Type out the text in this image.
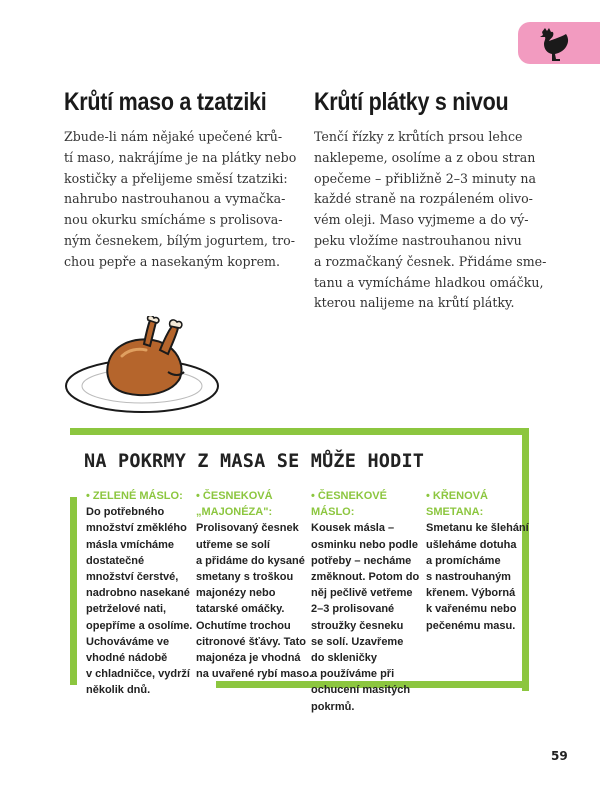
Krůtí maso a tzatziki

Zbude-li nám nějaké upečené krů-
tí maso, nakrájíme je na plátky nebo
kostičky a přelijeme směsí tzatziki:
nahrubo nastrouhanou a vymačka-
nou okurku smícháme s prolisova-
ným česnekem, bílým jogurtem, tro-
chou pepře a nasekaným koprem.

Krůtí plátky s nivou

Tenčí řízky z krůtích prsou lehce
naklepeme, osolíme a z obou stran
opečeme – přibližně 2–3 minuty na
každé straně na rozpáleném olivo-
vém oleji. Maso vyjmeme a do vý-
peku vložíme nastrouhanou nivu
a rozmačkaný česnek. Přidáme sme-
tanu a vymícháme hladkou omáčku,
kterou nalijeme na krůtí plátky.

NA POKRMY Z MASA SE MŮŽE HODIT
• ZELENÉ MÁSLO:
Do potřebného
množství změklého
másla vmícháme
dostatečné
množství čerstvé,
nadrobno nasekané
petrželové nati,
opepříme a osolíme.
Uchováváme ve
vhodné nádobě
v chladničce, vydrží
několik dnů.
• ČESNEKOVÁ
„MAJONÉZA":
Prolisovaný česnek
utřeme se solí
a přidáme do kysané
smetany s troškou
majonézy nebo
tatarské omáčky.
Ochutíme trochou
citronové šťávy. Tato
majonéza je vhodná
na uvařené rybí maso.
• ČESNEKOVÉ MÁSLO:
Kousek másla –
osminku nebo podle
potřeby – necháme
změknout. Potom do
něj pečlivě vetřeme
2–3 prolisované
stroužky česneku
se solí. Uzavřeme
do skleničky
a používáme při
ochucení masitých
pokrmů.
• KŘENOVÁ
SMETANA:
Smetanu ke šlehání
ušleháme dotuha
a promícháme
s nastrouhaným
křenem. Výborná
k vařenému nebo
pečenému masu.
59
